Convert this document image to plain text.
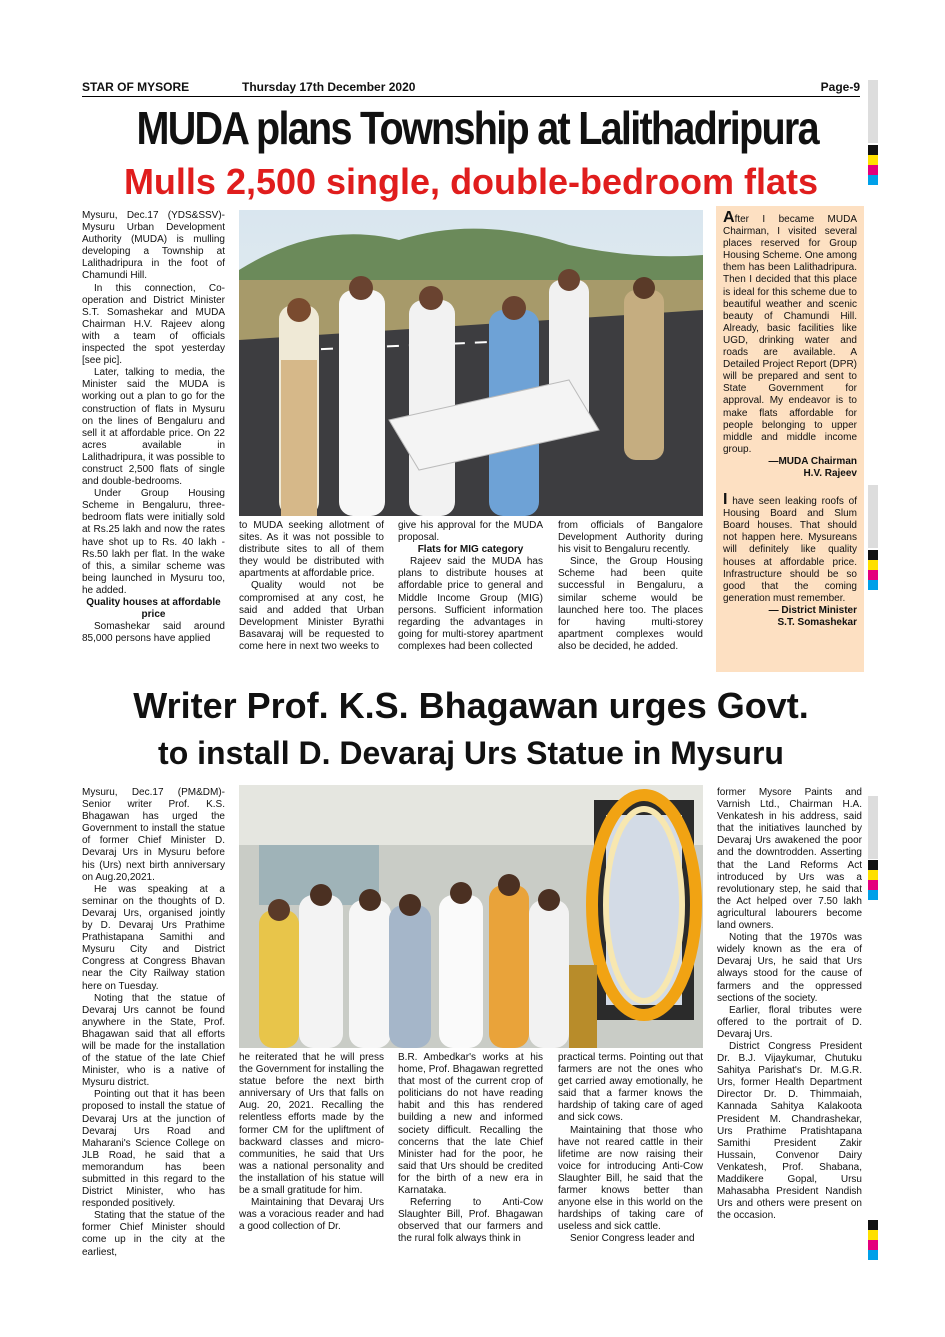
STAR OF MYSORE	Thursday 17th December 2020	Page-9
MUDA plans Township at Lalithadripura
Mulls 2,500 single, double-bedroom flats

Mysuru, Dec.17 (YDS&SSV)- Mysuru Urban Development Authority (MUDA) is mulling developing a Township at Lalithadripura in the foot of Chamundi Hill.

In this connection, Co-operation and District Minister S.T. Somashekar and MUDA Chairman H.V. Rajeev along with a team of officials inspected the spot yesterday [see pic].

Later, talking to media, the Minister said the MUDA is working out a plan to go for the construction of flats in Mysuru on the lines of Bengaluru and sell it at affordable price. On 22 acres available in Lalithadripura, it was possible to construct 2,500 flats of single and double-bedrooms.

Under Group Housing Scheme in Bengaluru, three-bedroom flats were initially sold at Rs.25 lakh and now the rates have shot up to Rs. 40 lakh - Rs.50 lakh per flat. In the wake of this, a similar scheme was being launched in Mysuru too, he added.

Quality houses at affordable price

Somashekar said around 85,000 persons have applied

to MUDA seeking allotment of sites. As it was not possible to distribute sites to all of them they would be distributed with apartments at affordable price.

Quality would not be compromised at any cost, he said and added that Urban Development Minister Byrathi Basavaraj will be requested to come here in next two weeks to

give his approval for the MUDA proposal.

Flats for MIG category

Rajeev said the MUDA has plans to distribute houses at affordable price to general and Middle Income Group (MIG) persons. Sufficient information regarding the advantages in going for multi-storey apartment complexes had been collected

from officials of Bangalore Development Authority during his visit to Bengaluru recently.

Since, the Group Housing Scheme had been quite successful in Bengaluru, a similar scheme would be launched here too. The places for having multi-storey apartment complexes would also be decided, he added.

After I became MUDA Chairman, I visited several places reserved for Group Housing Scheme. One among them has been Lalithadripura. Then I decided that this place is ideal for this scheme due to beautiful weather and scenic beauty of Chamundi Hill. Already, basic facilities like UGD, drinking water and roads are available. A Detailed Project Report (DPR) will be prepared and sent to State Government for approval. My endeavor is to make flats affordable for people belonging to upper middle and middle income group.

—MUDA Chairman

H.V. Rajeev

I have seen leaking roofs of Housing Board and Slum Board houses. That should not happen here. Mysureans will definitely like quality houses at affordable price. Infrastructure should be so good that the coming generation must remember.

— District Minister

S.T. Somashekar

Writer Prof. K.S. Bhagawan urges Govt.
to install D. Devaraj Urs Statue in Mysuru

Mysuru, Dec.17 (PM&DM)- Senior writer Prof. K.S. Bhagawan has urged the Government to install the statue of former Chief Minister D. Devaraj Urs in Mysuru before his (Urs) next birth anniversary on Aug.20,2021.

He was speaking at a seminar on the thoughts of D. Devaraj Urs, organised jointly by D. Devaraj Urs Prathime Prathistapana Samithi and Mysuru City and District Congress at Congress Bhavan near the City Railway station here on Tuesday.

Noting that the statue of Devaraj Urs cannot be found anywhere in the State, Prof. Bhagawan said that all efforts will be made for the installation of the statue of the late Chief Minister, who is a native of Mysuru district.

Pointing out that it has been proposed to install the statue of Devaraj Urs at the junction of Devaraj Urs Road and Maharani's Science College on JLB Road, he said that a memorandum has been submitted in this regard to the District Minister, who has responded positively.

Stating that the statue of the former Chief Minister should come up in the city at the earliest,

he reiterated that he will press the Government for installing the statue before the next birth anniversary of Urs that falls on Aug. 20, 2021. Recalling the relentless efforts made by the former CM for the upliftment of backward classes and micro-communities, he said that Urs was a national personality and the installation of his statue will be a small gratitude for him.

Maintaining that Devaraj Urs was a voracious reader and had a good collection of Dr.

B.R. Ambedkar's works at his home, Prof. Bhagawan regretted that most of the current crop of politicians do not have reading habit and this has rendered building a new and informed society difficult. Recalling the concerns that the late Chief Minister had for the poor, he said that Urs should be credited for the birth of a new era in Karnataka.

Referring to Anti-Cow Slaughter Bill, Prof. Bhagawan observed that our farmers and the rural folk always think in

practical terms. Pointing out that farmers are not the ones who get carried away emotionally, he said that a farmer knows the hardship of taking care of aged and sick cows.

Maintaining that those who have not reared cattle in their lifetime are now raising their voice for introducing Anti-Cow Slaughter Bill, he said that the farmer knows better than anyone else in this world on the hardships of taking care of useless and sick cattle.

Senior Congress leader and

former Mysore Paints and Varnish Ltd., Chairman H.A. Venkatesh in his address, said that the initiatives launched by Devaraj Urs awakened the poor and the downtrodden. Asserting that the Land Reforms Act introduced by Urs was a revolutionary step, he said that the Act helped over 7.50 lakh agricultural labourers become land owners.

Noting that the 1970s was widely known as the era of Devaraj Urs, he said that Urs always stood for the cause of farmers and the oppressed sections of the society.

Earlier, floral tributes were offered to the portrait of D. Devaraj Urs.

District Congress President Dr. B.J. Vijaykumar, Chutuku Sahitya Parishat's Dr. M.G.R. Urs, former Health Department Director Dr. D. Thimmaiah, Kannada Sahitya Kalakoota President M. Chandrashekar, Urs Prathime Pratishtapana Samithi President Zakir Hussain, Convenor Dairy Venkatesh, Prof. Shabana, Maddikere Gopal, Ursu Mahasabha President Nandish Urs and others were present on the occasion.
